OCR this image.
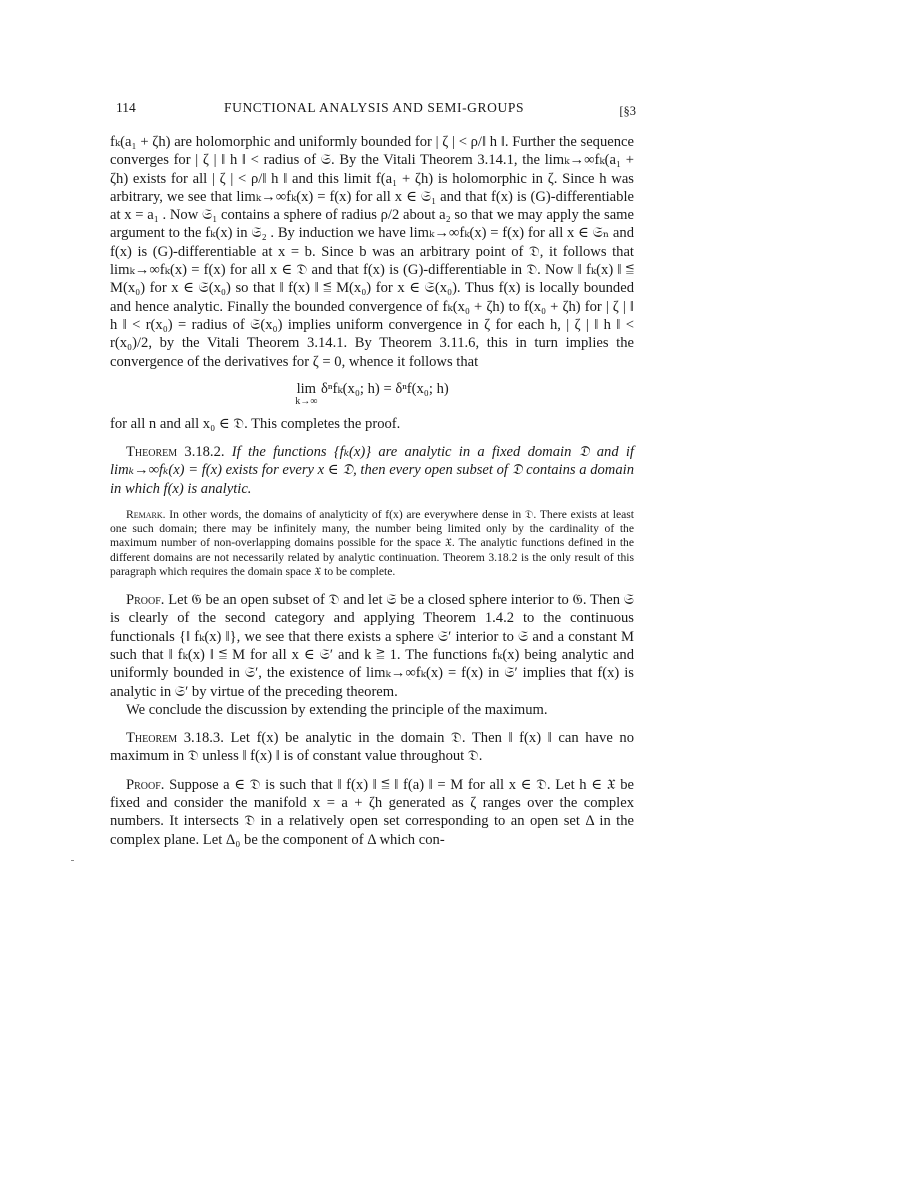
114	FUNCTIONAL ANALYSIS AND SEMI-GROUPS	[§3

fₖ(a₁ + ζh) are holomorphic and uniformly bounded for | ζ | < ρ/‖ h ‖. Further the sequence converges for | ζ | ‖ h ‖ < radius of 𝔖. By the Vitali Theorem 3.14.1, the limₖ→∞fₖ(a₁ + ζh) exists for all | ζ | < ρ/‖ h ‖ and this limit f(a₁ + ζh) is holomorphic in ζ. Since h was arbitrary, we see that limₖ→∞fₖ(x) = f(x) for all x ∈ 𝔖₁ and that f(x) is (G)-differentiable at x = a₁ . Now 𝔖₁ contains a sphere of radius ρ/2 about a₂ so that we may apply the same argument to the fₖ(x) in 𝔖₂ . By induction we have limₖ→∞fₖ(x) = f(x) for all x ∈ 𝔖ₙ and f(x) is (G)-differentiable at x = b. Since b was an arbitrary point of 𝔇, it follows that limₖ→∞fₖ(x) = f(x) for all x ∈ 𝔇 and that f(x) is (G)-differentiable in 𝔇. Now ‖ fₖ(x) ‖ ≦ M(x₀) for x ∈ 𝔖(x₀) so that ‖ f(x) ‖ ≦ M(x₀) for x ∈ 𝔖(x₀). Thus f(x) is locally bounded and hence analytic. Finally the bounded convergence of fₖ(x₀ + ζh) to f(x₀ + ζh) for | ζ | ‖ h ‖ < r(x₀) = radius of 𝔖(x₀) implies uniform convergence in ζ for each h, | ζ | ‖ h ‖ < r(x₀)/2, by the Vitali Theorem 3.14.1. By Theorem 3.11.6, this in turn implies the convergence of the derivatives for ζ = 0, whence it follows that

lim
k→∞
δⁿfₖ(x₀; h) = δⁿf(x₀; h)

for all n and all x₀ ∈ 𝔇. This completes the proof.

Theorem 3.18.2. If the functions {fₖ(x)} are analytic in a fixed domain 𝔇 and if limₖ→∞fₖ(x) = f(x) exists for every x ∈ 𝔇, then every open subset of 𝔇 contains a domain in which f(x) is analytic.

Remark. In other words, the domains of analyticity of f(x) are everywhere dense in 𝔇. There exists at least one such domain; there may be infinitely many, the number being limited only by the cardinality of the maximum number of non-overlapping domains possible for the space 𝔛. The analytic functions defined in the different domains are not necessarily related by analytic continuation. Theorem 3.18.2 is the only result of this paragraph which requires the domain space 𝔛 to be complete.

Proof. Let 𝔊 be an open subset of 𝔇 and let 𝔖 be a closed sphere interior to 𝔊. Then 𝔖 is clearly of the second category and applying Theorem 1.4.2 to the continuous functionals {‖ fₖ(x) ‖}, we see that there exists a sphere 𝔖′ interior to 𝔖 and a constant M such that ‖ fₖ(x) ‖ ≦ M for all x ∈ 𝔖′ and k ≧ 1. The functions fₖ(x) being analytic and uniformly bounded in 𝔖′, the existence of limₖ→∞fₖ(x) = f(x) in 𝔖′ implies that f(x) is analytic in 𝔖′ by virtue of the preceding theorem.

We conclude the discussion by extending the principle of the maximum.

Theorem 3.18.3. Let f(x) be analytic in the domain 𝔇. Then ‖ f(x) ‖ can have no maximum in 𝔇 unless ‖ f(x) ‖ is of constant value throughout 𝔇.

Proof. Suppose a ∈ 𝔇 is such that ‖ f(x) ‖ ≦ ‖ f(a) ‖ = M for all x ∈ 𝔇. Let h ∈ 𝔛 be fixed and consider the manifold x = a + ζh generated as ζ ranges over the complex numbers. It intersects 𝔇 in a relatively open set corresponding to an open set Δ in the complex plane. Let Δ₀ be the component of Δ which con-
